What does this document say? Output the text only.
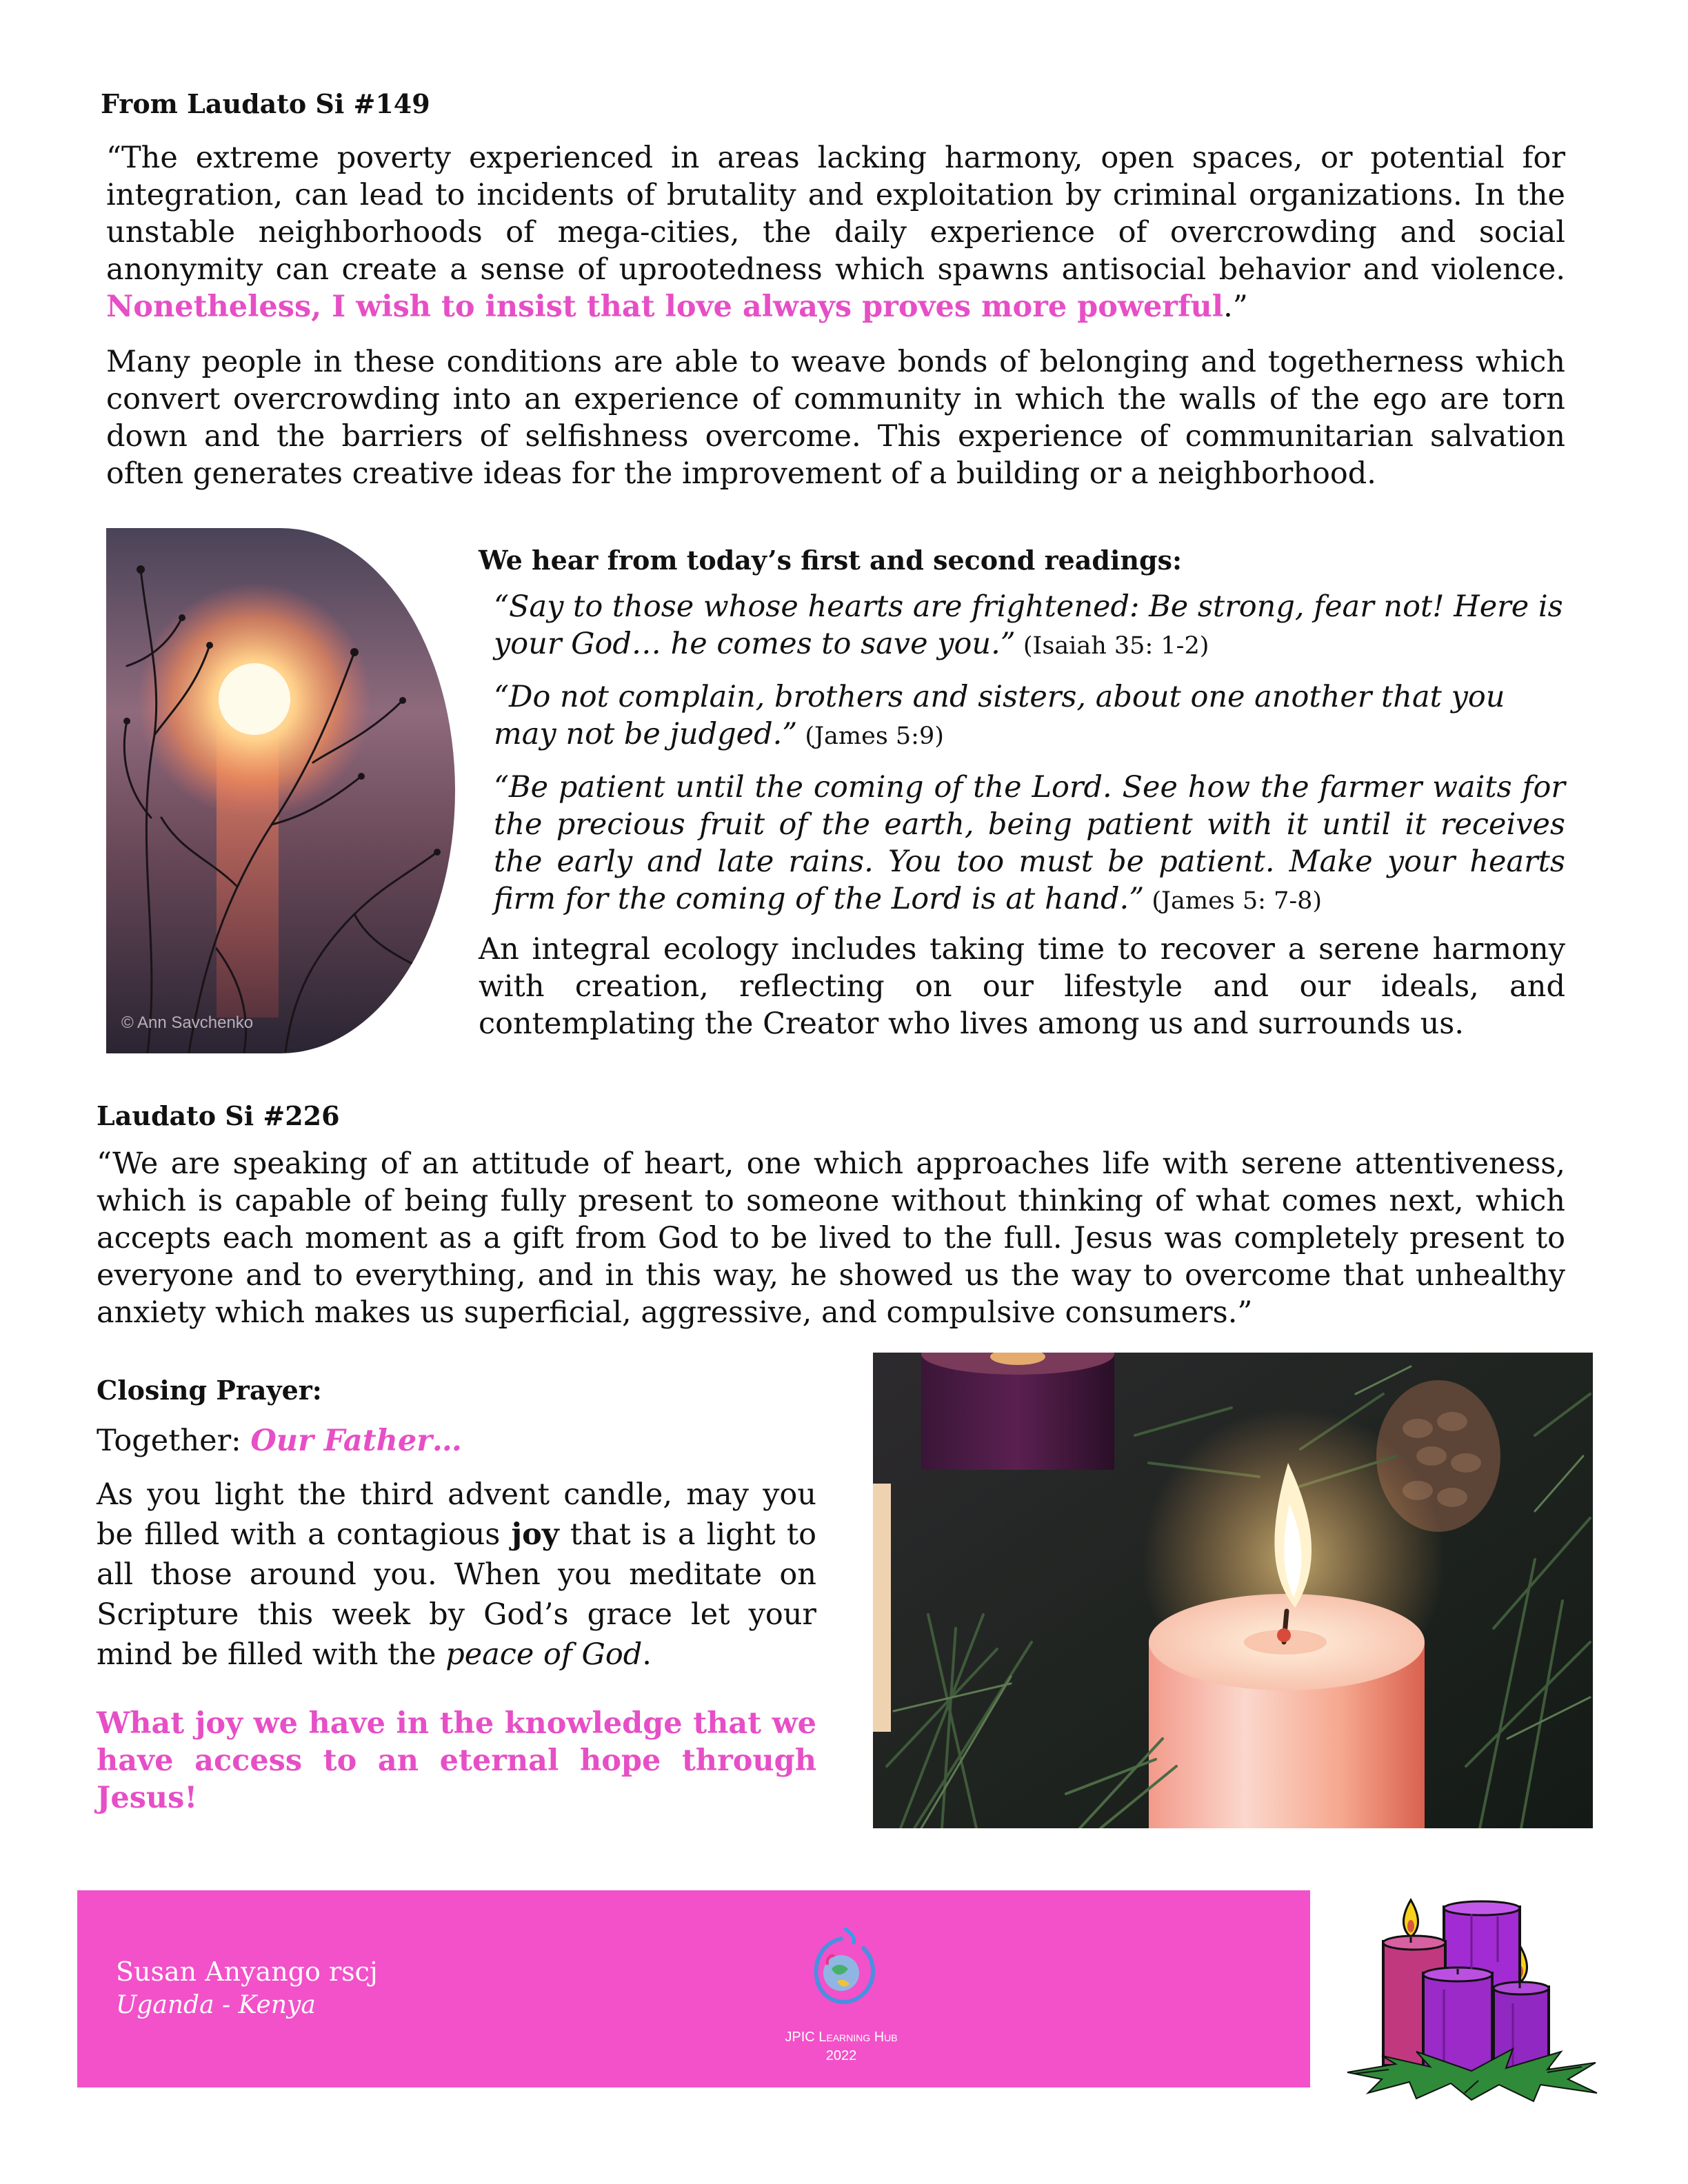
From Laudato Si #149

“The extreme poverty experienced in areas lacking harmony, open spaces, or potential for integration, can lead to incidents of brutality and exploitation by criminal organizations. In the unstable neighborhoods of mega-cities, the daily experience of overcrowding and social anonymity can create a sense of uprootedness which spawns antisocial behavior and violence. Nonetheless, I wish to insist that love always proves more powerful.”

Many people in these conditions are able to weave bonds of belonging and togetherness which convert overcrowding into an experience of community in which the walls of the ego are torn down and the barriers of selfishness overcome. This experience of communitarian salvation often generates creative ideas for the improvement of a building or a neighborhood.

© Ann Savchenko

We hear from today’s first and second readings:

“Say to those whose hearts are frightened: Be strong, fear not! Here is your God… he comes to save you.” (Isaiah 35: 1-2)

“Do not complain, brothers and sisters, about one another that you may not be judged.” (James 5:9)

“Be patient until the coming of the Lord. See how the farmer waits for the precious fruit of the earth, being patient with it until it receives the early and late rains. You too must be patient. Make your hearts firm for the coming of the Lord is at hand.” (James 5: 7-8)

An integral ecology includes taking time to recover a serene harmony with creation, reflecting on our lifestyle and our ideals, and contemplating the Creator who lives among us and surrounds us.

Laudato Si #226

“We are speaking of an attitude of heart, one which approaches life with serene attentiveness, which is capable of being fully present to someone without thinking of what comes next, which accepts each moment as a gift from God to be lived to the full. Jesus was completely present to everyone and to everything, and in this way, he showed us the way to overcome that unhealthy anxiety which makes us superficial, aggressive, and compulsive consumers.”

Closing Prayer:

Together: Our Father…

As you light the third advent candle, may you be filled with a contagious joy that is a light to all those around you. When you meditate on Scripture this week by God’s grace let your mind be filled with the peace of God.

What joy we have in the knowledge that we have access to an eternal hope through Jesus!

Susan Anyango rscj
Uganda - Kenya
JPIC Learning Hub
2022
